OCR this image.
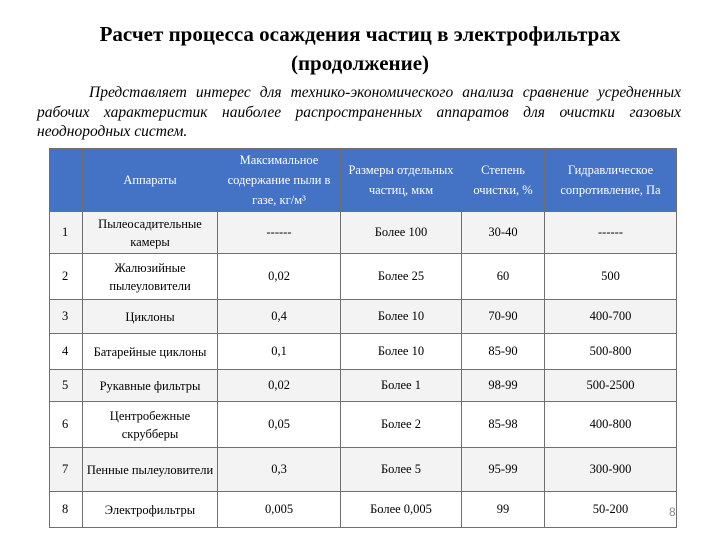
Расчет процесса осаждения частиц в электрофильтрах
(продолжение)
Представляет интерес для технико-экономического анализа сравнение усредненных рабочих характеристик наиболее распространенных аппаратов для очистки газовых неоднородных систем.
	Аппараты	Максимальное содержание пыли в газе, кг/м³	Размеры отдельных частиц, мкм	Степень очистки, %	Гидравлическое сопротивление, Па
1	Пылеосадительные камеры	------	Более 100	30-40	------
2	Жалюзийные пылеуловители	0,02	Более 25	60	500
3	Циклоны	0,4	Более 10	70-90	400-700
4	Батарейные циклоны	0,1	Более 10	85-90	500-800
5	Рукавные фильтры	0,02	Более 1	98-99	500-2500
6	Центробежные скрубберы	0,05	Более 2	85-98	400-800
7	Пенные пылеуловители	0,3	Более 5	95-99	300-900
8	Электрофильтры	0,005	Более 0,005	99	50-200	8
